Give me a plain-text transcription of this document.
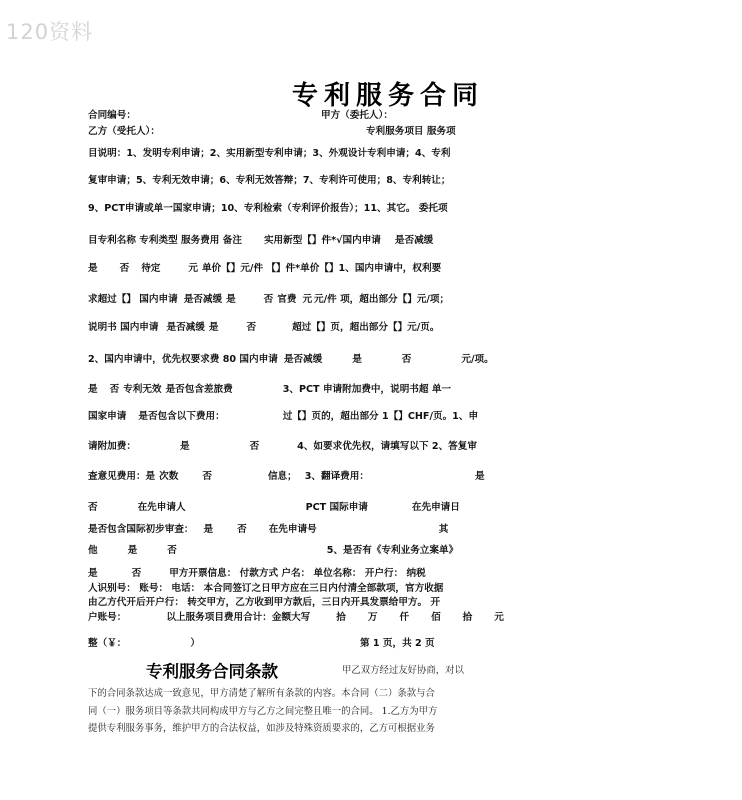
120资料
专利服务合同
合同编号：	甲方（委托人）：
乙方（受托人）：	专利服务项目 服务项
目说明：1、发明专利申请；2、实用新型专利申请；3、外观设计专利申请；4、专利
复审申请；5、专利无效申请；6、专利无效答辩；7、专利许可使用；8、专利转让；
9、PCT申请或单一国家申请；10、专利检索（专利评价报告）；11、其它。 委托项
目专利名称 专利类型 服务费用 备注 实用新型【】件*√国内申请 是否减缓
是 否 待定	元 单价【】元/件 【】件*单价【】1、国内申请中，权利要
求超过【】 国内申请 是否减缓 是	否 官费 元 元/件 项，超出部分【】元/项；
说明书 国内申请 是否减缓 是	否	超过【】页，超出部分【】元/页。
2、国内申请中，优先权要求费 80 国内申请 是否减缓	是	否	元/项。
是 否 专利无效 是否包含差旅费	3、PCT 申请附加费中，说明书超 单一
国家申请 是否包含以下费用：	过【】页的，超出部分 1【】CHF/页。1、申
请附加费：	是	否	4、如要求优先权，请填写以下 2、答复审
查意见费用：是 次数	否	信息； 3、翻译费用：	是
否	在先申请人	PCT 国际申请	在先申请日
是否包含国际初步审查： 是	否 在先申请号	其
他	是	否	5、是否有《专利业务立案单》
是	否	甲方开票信息： 付款方式 户名： 单位名称： 开户行： 纳税
人识别号： 账号： 电话： 本合同签订之日甲方应在三日内付清全部款项，官方收据
由乙方代开后开户行： 转交甲方，乙方收到甲方款后，三日内开具发票给甲方。 开
户账号：	以上服务项目费用合计：金额大写	拾 万 仟 佰 拾 元
整（￥：	）	第 1 页，共 2 页
专利服务合同条款	甲乙双方经过友好协商，对以
下的合同条款达成一致意见，甲方清楚了解所有条款的内容。本合同（二）条款与合
同（一）服务项目等条款共同构成甲方与乙方之间完整且唯一的合同。 1.乙方为甲方
提供专利服务事务，维护甲方的合法权益，如涉及特殊资质要求的，乙方可根据业务
